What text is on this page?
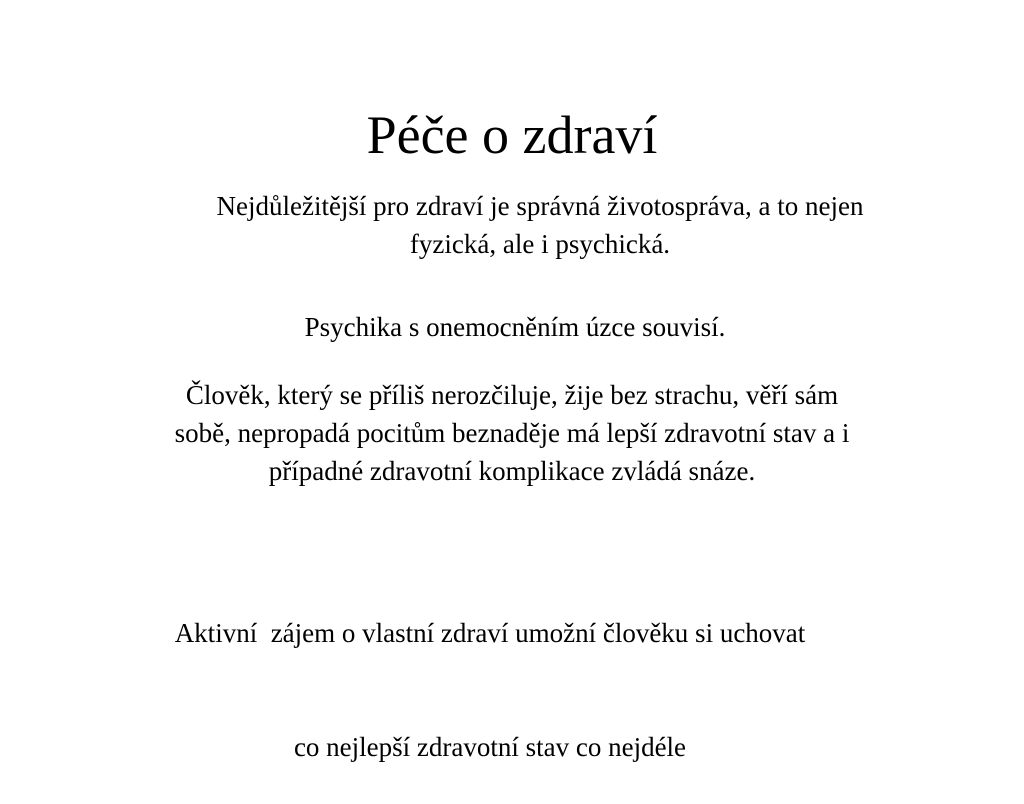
Péče o zdraví
Nejdůležitější pro zdraví je správná životospráva, a to nejen
fyzická, ale i psychická.
Psychika s onemocněním úzce souvisí.
Člověk, který se příliš nerozčiluje, žije bez strachu, věří sám
sobě, nepropadá pocitům beznaděje má lepší zdravotní stav a i
případné zdravotní komplikace zvládá snáze.

Aktivní  zájem o vlastní zdraví umožní člověku si uchovat

co nejlepší zdravotní stav co nejdéle
